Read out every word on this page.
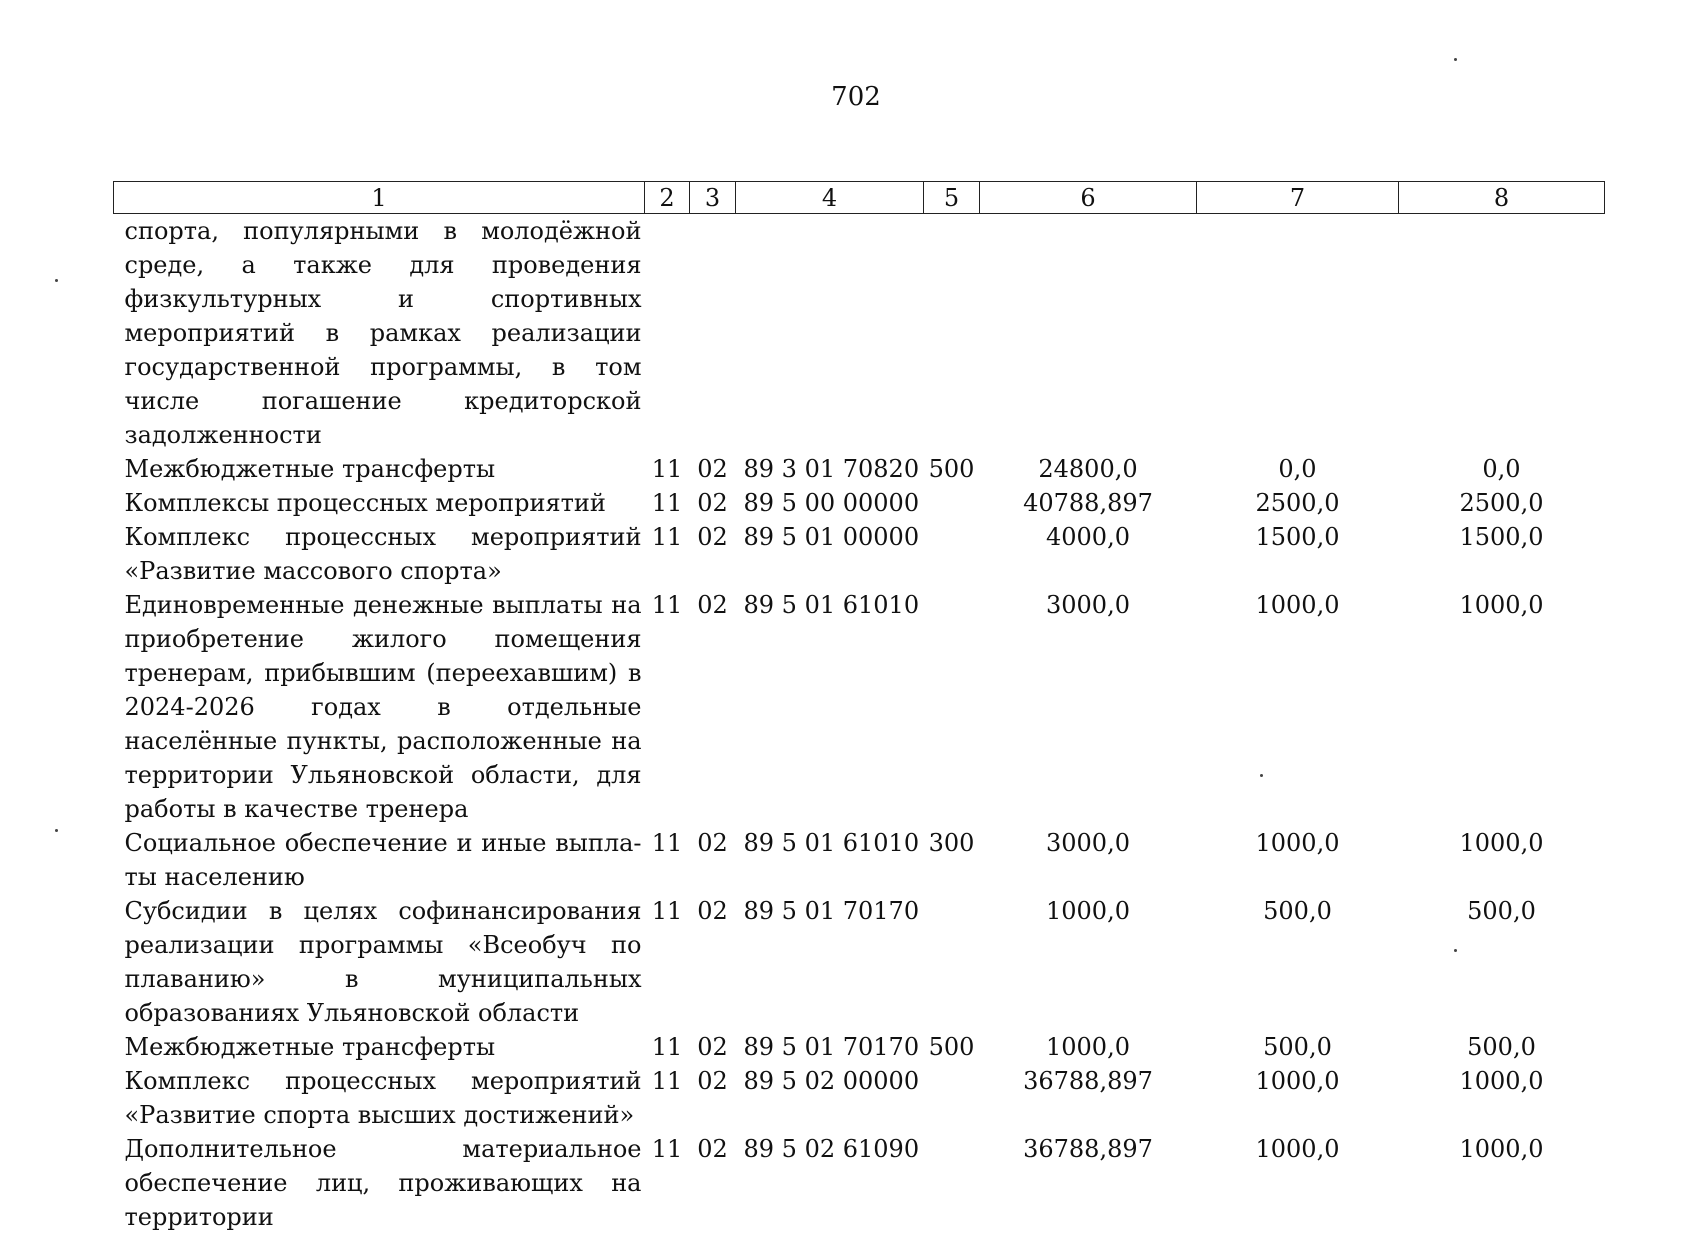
702
1	2	3	4	5	6	7	8
спорта, популярными в молодёжной среде, а также для проведения физкультурных и спортивных мероприятий в рамках реализации государственной программы, в том числе погашение кредиторской задолженности							
Межбюджетные трансферты	11	02	89 3 01 70820	500	24800,0	0,0	0,0
Комплексы процессных мероприятий	11	02	89 5 00 00000		40788,897	2500,0	2500,0
Комплекс процессных мероприятий «Развитие массового спорта»	11	02	89 5 01 00000		4000,0	1500,0	1500,0
Единовременные денежные выплаты на приобретение жилого помещения тренерам, прибывшим (переехавшим) в 2024-2026 годах в отдельные населённые пункты, расположенные на территории Ульяновской области, для работы в качестве тренера	11	02	89 5 01 61010		3000,0	1000,0	1000,0
Социальное обеспечение и иные выплаты населению	11	02	89 5 01 61010	300	3000,0	1000,0	1000,0
Субсидии в целях софинансирования реализации программы «Всеобуч по плаванию» в муниципальных образованиях Ульяновской области	11	02	89 5 01 70170		1000,0	500,0	500,0
Межбюджетные трансферты	11	02	89 5 01 70170	500	1000,0	500,0	500,0
Комплекс процессных мероприятий «Развитие спорта высших достижений»	11	02	89 5 02 00000		36788,897	1000,0	1000,0
Дополнительное материальное обеспечение лиц, проживающих на территории	11	02	89 5 02 61090		36788,897	1000,0	1000,0
